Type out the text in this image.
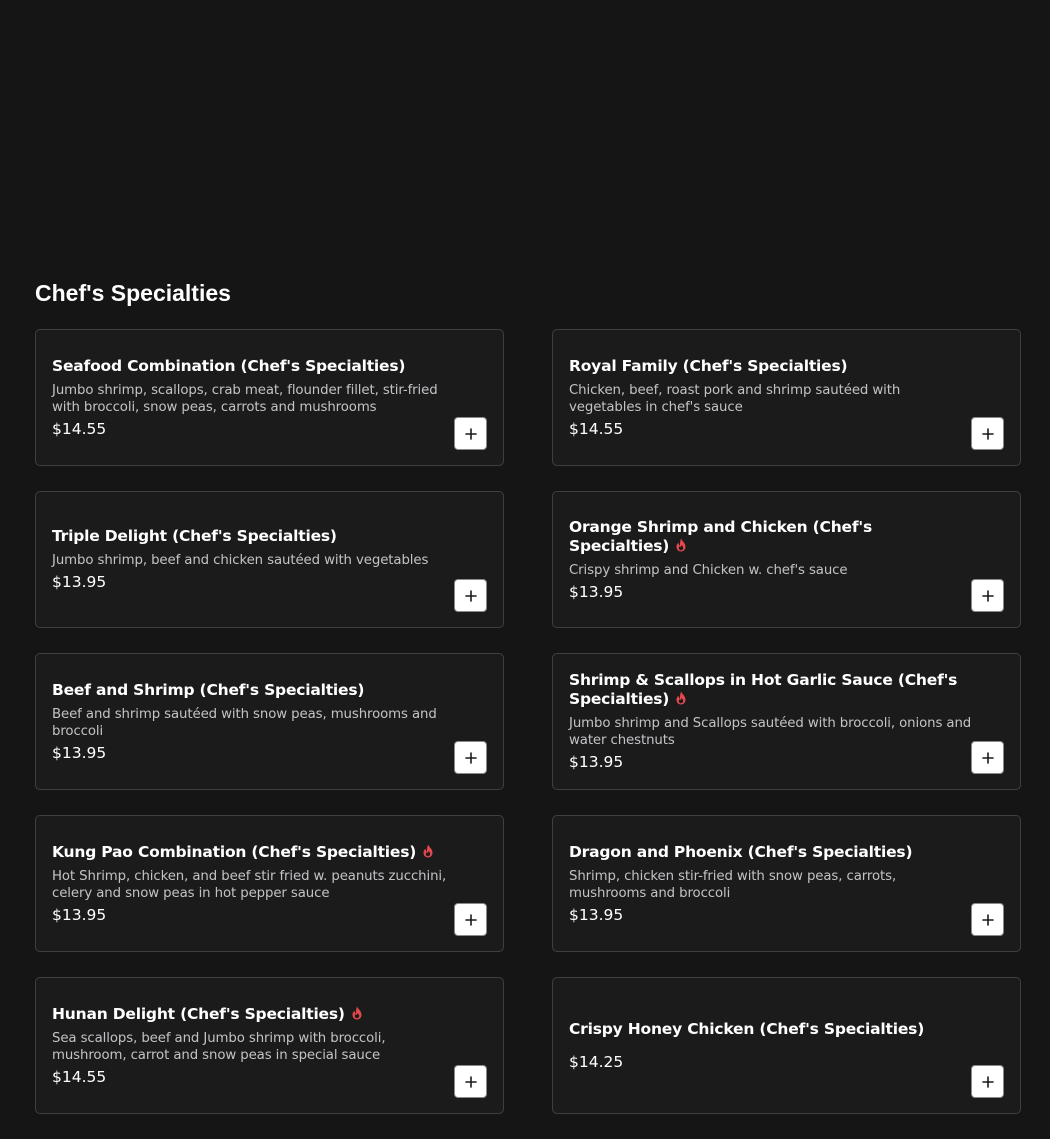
Chef's Specialties
Seafood Combination (Chef's Specialties)
Jumbo shrimp, scallops, crab meat, flounder fillet, stir-fried with broccoli, snow peas, carrots and mushrooms
$14.55
Royal Family (Chef's Specialties)
Chicken, beef, roast pork and shrimp sautéed with vegetables in chef's sauce
$14.55
Triple Delight (Chef's Specialties)
Jumbo shrimp, beef and chicken sautéed with vegetables
$13.95
Orange Shrimp and Chicken (Chef's Specialties)
Crispy shrimp and Chicken w. chef's sauce
$13.95
Beef and Shrimp (Chef's Specialties)
Beef and shrimp sautéed with snow peas, mushrooms and broccoli
$13.95
Shrimp & Scallops in Hot Garlic Sauce (Chef's Specialties)
Jumbo shrimp and Scallops sautéed with broccoli, onions and water chestnuts
$13.95
Kung Pao Combination (Chef's Specialties)
Hot Shrimp, chicken, and beef stir fried w. peanuts zucchini, celery and snow peas in hot pepper sauce
$13.95
Dragon and Phoenix (Chef's Specialties)
Shrimp, chicken stir-fried with snow peas, carrots, mushrooms and broccoli
$13.95
Hunan Delight (Chef's Specialties)
Sea scallops, beef and Jumbo shrimp with broccoli, mushroom, carrot and snow peas in special sauce
$14.55
Crispy Honey Chicken (Chef's Specialties)
$14.25
